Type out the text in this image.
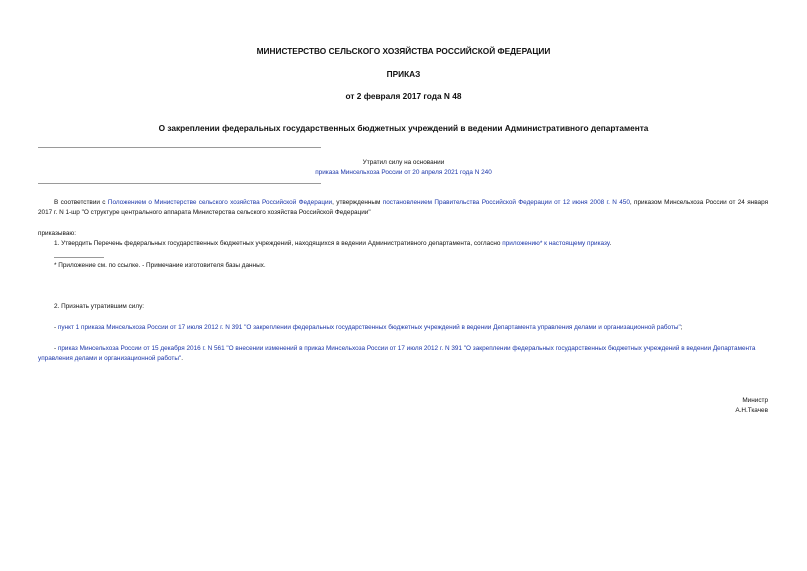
МИНИСТЕРСТВО СЕЛЬСКОГО ХОЗЯЙСТВА РОССИЙСКОЙ ФЕДЕРАЦИИ
ПРИКАЗ
от 2 февраля 2017 года N 48
О закреплении федеральных государственных бюджетных учреждений в ведении Административного департамента
Утратил силу на основании
приказа Минсельхоза России от 20 апреля 2021 года N 240
В соответствии с Положением о Министерстве сельского хозяйства Российской Федерации, утвержденным постановлением Правительства Российской Федерации от 12 июня 2008 г. N 450, приказом Минсельхоза России от 24 января 2017 г. N 1-шр "О структуре центрального аппарата Министерства сельского хозяйства Российской Федерации"
приказываю:
1. Утвердить Перечень федеральных государственных бюджетных учреждений, находящихся в ведении Административного департамента, согласно приложению* к настоящему приказу.
* Приложение см. по ссылке. - Примечание изготовителя базы данных.
2. Признать утратившим силу:
- пункт 1 приказа Минсельхоза России от 17 июля 2012 г. N 391 "О закреплении федеральных государственных бюджетных учреждений в ведении Департамента управления делами и организационной работы";
- приказ Минсельхоза России от 15 декабря 2016 г. N 561 "О внесении изменений в приказ Минсельхоза России от 17 июля 2012 г. N 391 "О закреплении федеральных государственных бюджетных учреждений в ведении Департамента управления делами и организационной работы".
Министр
А.Н.Ткачев
